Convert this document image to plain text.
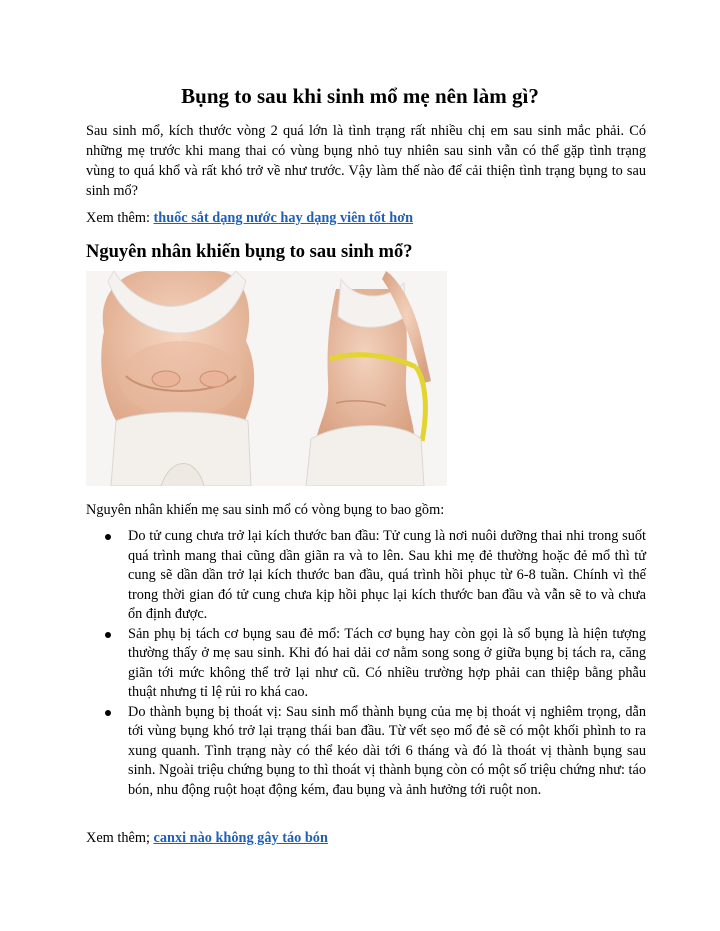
Bụng to sau khi sinh mổ mẹ nên làm gì?

Sau sinh mổ, kích thước vòng 2 quá lớn là tình trạng rất nhiều chị em sau sinh mắc phải. Có những mẹ trước khi mang thai có vùng bụng nhỏ tuy nhiên sau sinh vẫn có thể gặp tình trạng vùng to quá khổ và rất khó trở về như trước. Vậy làm thế nào để cải thiện tình trạng bụng to sau sinh mổ?

Xem thêm: thuốc sắt dạng nước hay dạng viên tốt hơn

Nguyên nhân khiến bụng to sau sinh mổ?

Nguyên nhân khiến mẹ sau sinh mổ có vòng bụng to bao gồm:

Do tử cung chưa trở lại kích thước ban đầu: Tử cung là nơi nuôi dưỡng thai nhi trong suốt quá trình mang thai cũng dần giãn ra và to lên. Sau khi mẹ đẻ thường hoặc đẻ mổ thì tử cung sẽ dần dần trở lại kích thước ban đầu, quá trình hồi phục từ 6-8 tuần. Chính vì thế trong thời gian đó tử cung chưa kịp hồi phục lại kích thước ban đầu và vẫn sẽ to và chưa ổn định được.
Sản phụ bị tách cơ bụng sau đẻ mổ: Tách cơ bụng hay còn gọi là sổ bụng là hiện tượng thường thấy ở mẹ sau sinh. Khi đó hai dải cơ nằm song song ở giữa bụng bị tách ra, căng giãn tới mức không thể trở lại như cũ. Có nhiều trường hợp phải can thiệp bằng phẫu thuật nhưng tỉ lệ rủi ro khá cao.
Do thành bụng bị thoát vị: Sau sinh mổ thành bụng của mẹ bị thoát vị nghiêm trọng, dẫn tới vùng bụng khó trở lại trạng thái ban đầu. Từ vết sẹo mổ đẻ sẽ có một khối phình to ra xung quanh. Tình trạng này có thể kéo dài tới 6 tháng và đó là thoát vị thành bụng sau sinh. Ngoài triệu chứng bụng to thì thoát vị thành bụng còn có một số triệu chứng như: táo bón, nhu động ruột hoạt động kém, đau bụng và ảnh hưởng tới ruột non.

Xem thêm; canxi nào không gây táo bón
